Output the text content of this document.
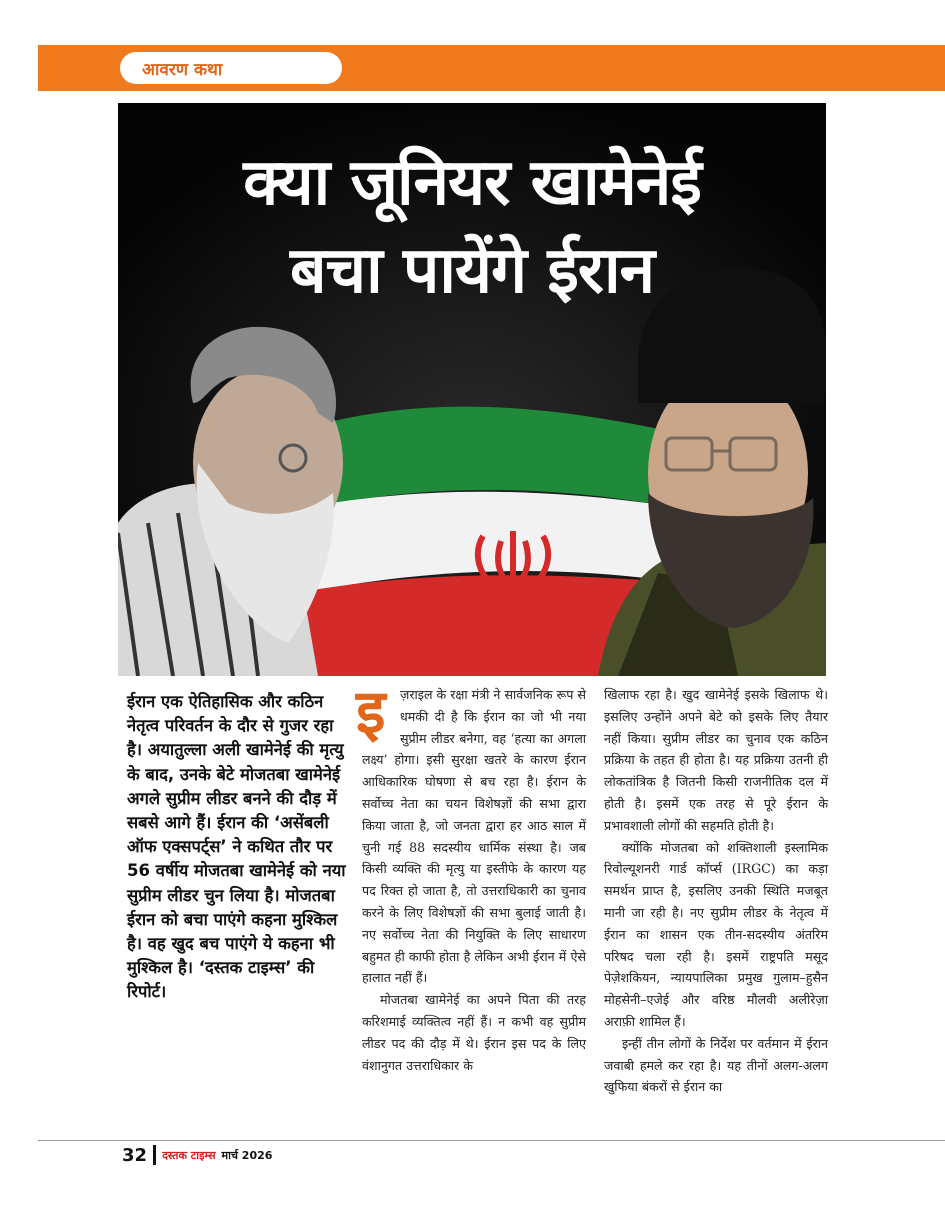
आवरण कथा
क्या जूनियर खामेनेई
बचा पायेंगे ईरान
ईरान एक ऐतिहासिक और कठिन नेतृत्व परिवर्तन के दौर से गुजर रहा है। अयातुल्ला अली खामेनेई की मृत्यु के बाद, उनके बेटे मोजतबा खामेनेई अगले सुप्रीम लीडर बनने की दौड़ में सबसे आगे हैं। ईरान की ‘असेंबली ऑफ एक्सपर्ट्स’ ने कथित तौर पर 56 वर्षीय मोजतबा खामेनेई को नया सुप्रीम लीडर चुन लिया है। मोजतबा ईरान को बचा पाएंगे कहना मुश्किल है। वह खुद बच पाएंगे ये कहना भी मुश्किल है। ‘दस्तक टाइम्स’ की रिपोर्ट।
इ	ज़राइल के रक्षा मंत्री ने सार्वजनिक रूप से धमकी दी है कि ईरान का जो भी नया सुप्रीम लीडर बनेगा, वह ‘हत्या का अगला लक्ष्य’ होगा। इसी सुरक्षा खतरे के कारण ईरान आधिकारिक घोषणा से बच रहा है। ईरान के सर्वोच्च नेता का चयन विशेषज्ञों की सभा द्वारा किया जाता है, जो जनता द्वारा हर आठ साल में चुनी गई 88 सदस्यीय धार्मिक संस्था है। जब किसी व्यक्ति की मृत्यु या इस्तीफे के कारण यह पद रिक्त हो जाता है, तो उत्तराधिकारी का चुनाव करने के लिए विशेषज्ञों की सभा बुलाई जाती है। नए सर्वोच्च नेता की नियुक्ति के लिए साधारण बहुमत ही काफी होता है लेकिन अभी ईरान में ऐसे हालात नहीं हैं।

मोजतबा खामेनेई का अपने पिता की तरह करिशमाई व्यक्तित्व नहीं हैं। न कभी वह सुप्रीम लीडर पद की दौड़ में थे। ईरान इस पद के लिए वंशानुगत उत्तराधिकार के

खिलाफ रहा है। खुद खामेनेई इसके खिलाफ थे। इसलिए उन्होंने अपने बेटे को इसके लिए तैयार नहीं किया। सुप्रीम लीडर का चुनाव एक कठिन प्रक्रिया के तहत ही होता है। यह प्रक्रिया उतनी ही लोकतांत्रिक है जितनी किसी राजनीतिक दल में होती है। इसमें एक तरह से पूरे ईरान के प्रभावशाली लोगों की सहमति होती है।

क्योंकि मोजतबा को शक्तिशाली इस्लामिक रिवोल्यूशनरी गार्ड कॉर्प्स (IRGC) का कड़ा समर्थन प्राप्त है, इसलिए उनकी स्थिति मजबूत मानी जा रही है। नए सुप्रीम लीडर के नेतृत्व में ईरान का शासन एक तीन-सदस्यीय अंतरिम परिषद चला रही है। इसमें राष्ट्रपति मसूद पेज़ेशकियन, न्यायपालिका प्रमुख गुलाम–हुसैन मोहसेनी–एजेई और वरिष्ठ मौलवी अलीरेज़ा अराफ़ी शामिल हैं।

इन्हीं तीन लोगों के निर्देश पर वर्तमान में ईरान जवाबी हमले कर रहा है। यह तीनों अलग-अलग खुफिया बंकरों से ईरान का

32 दस्तक टाइम्स मार्च 2026
